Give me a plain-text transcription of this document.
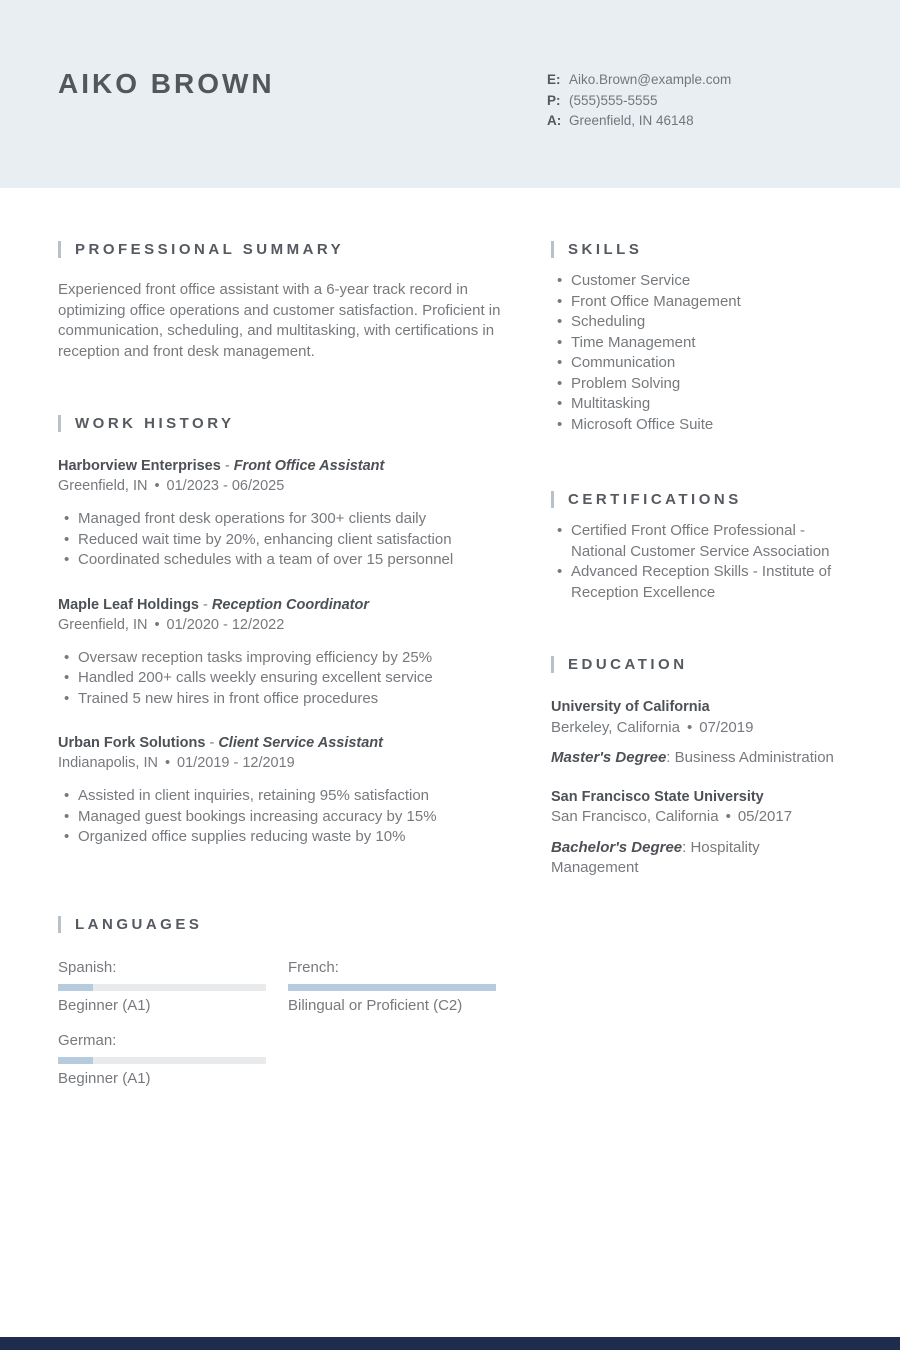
AIKO BROWN	E: Aiko.Brown@example.com
P: (555)555-5555
A: Greenfield, IN 46148
PROFESSIONAL SUMMARY

Experienced front office assistant with a 6-year track record in optimizing office operations and customer satisfaction. Proficient in communication, scheduling, and multitasking, with certifications in reception and front desk management.

WORK HISTORY
Harborview Enterprises - Front Office Assistant
Greenfield, IN • 01/2023 - 06/2025
• Managed front desk operations for 300+ clients daily
• Reduced wait time by 20%, enhancing client satisfaction
• Coordinated schedules with a team of over 15 personnel
Maple Leaf Holdings - Reception Coordinator
Greenfield, IN • 01/2020 - 12/2022
• Oversaw reception tasks improving efficiency by 25%
• Handled 200+ calls weekly ensuring excellent service
• Trained 5 new hires in front office procedures
Urban Fork Solutions - Client Service Assistant
Indianapolis, IN • 01/2019 - 12/2019
• Assisted in client inquiries, retaining 95% satisfaction
• Managed guest bookings increasing accuracy by 15%
• Organized office supplies reducing waste by 10%
LANGUAGES
Spanish:
Beginner (A1)
French:
Bilingual or Proficient (C2)
German:
Beginner (A1)
SKILLS
• Customer Service
• Front Office Management
• Scheduling
• Time Management
• Communication
• Problem Solving
• Multitasking
• Microsoft Office Suite
CERTIFICATIONS
• Certified Front Office Professional - National Customer Service Association
• Advanced Reception Skills - Institute of Reception Excellence
EDUCATION
University of California
Berkeley, California • 07/2019
Master's Degree: Business Administration
San Francisco State University
San Francisco, California • 05/2017
Bachelor's Degree: Hospitality Management
